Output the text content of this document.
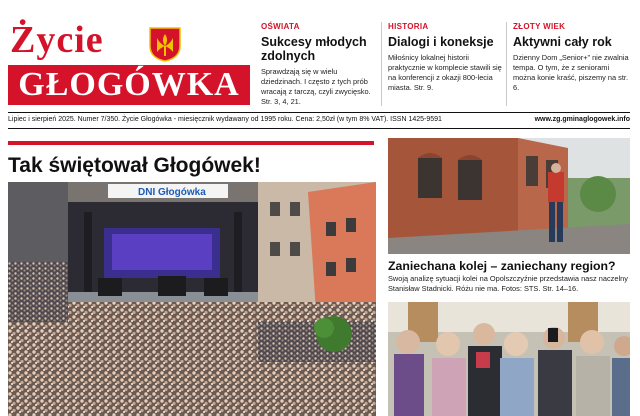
Życie
GŁOGÓWKA
OŚWIATA
Sukcesy młodych zdolnych
Sprawdzają się w wielu dziedzinach. I często z tych prób wracają z tarczą, czyli zwycięsko. Str. 3, 4, 21.
HISTORIA
Dialogi i koneksje
Miłośnicy lokalnej historii praktycznie w komplecie stawili się na konferencji z okazji 800-lecia miasta. Str. 9.
ZŁOTY WIEK
Aktywni cały rok
Dzienny Dom „Senior+” nie zwalnia tempa. O tym, że z seniorami można konie kraść, piszemy na str. 6.
Lipiec i sierpień 2025. Numer 7/350. Życie Głogówka - miesięcznik wydawany od 1995 roku. Cena: 2,50zł (w tym 8% VAT). ISSN 1425-9591	www.zg.gminaglogowek.info
Tak świętował Głogówek!
DNI Głogówka
Zaniechana kolej – zaniechany region?
Swoją analizę sytuacji kolei na Opolszczyźnie przedstawia nasz naczelny Stanisław Stadnicki. Różu nie ma. Fotos: STS. Str. 14–16.
